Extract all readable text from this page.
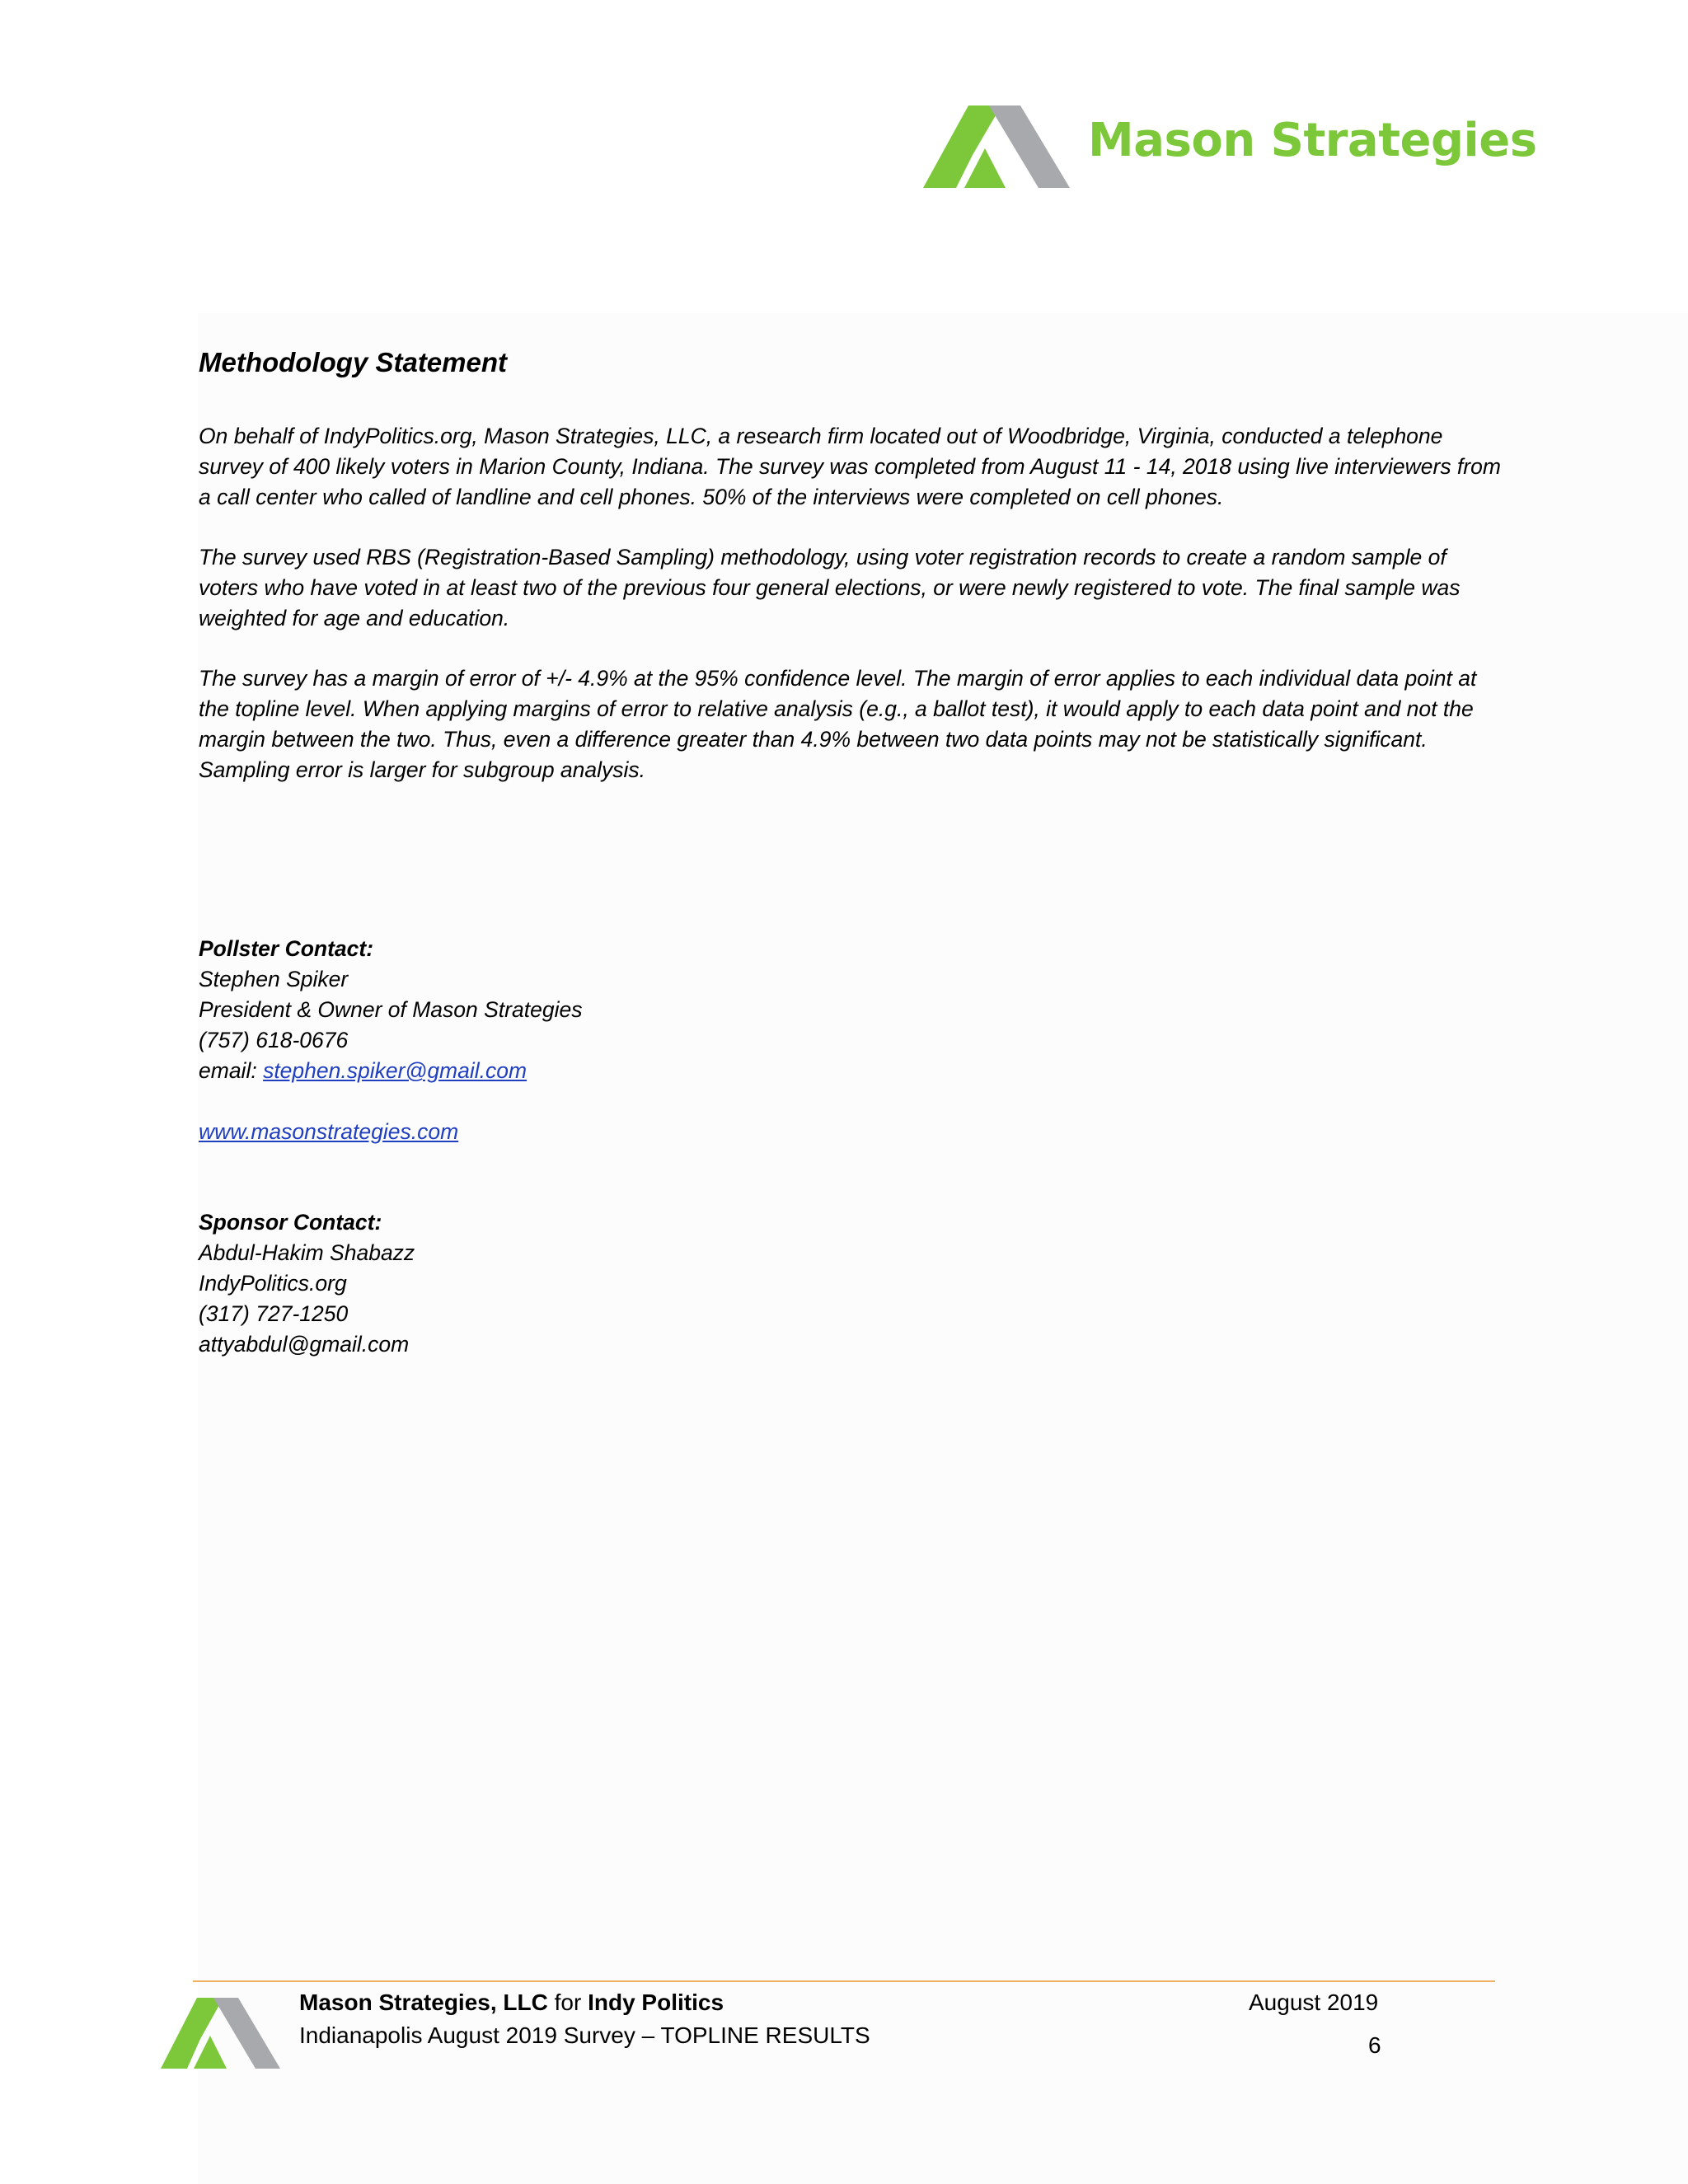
Mason Strategies
Methodology Statement

On behalf of IndyPolitics.org, Mason Strategies, LLC, a research firm located out of Woodbridge, Virginia, conducted a telephone survey of 400 likely voters in Marion County, Indiana. The survey was completed from August 11 - 14, 2018 using live interviewers from a call center who called of landline and cell phones. 50% of the interviews were completed on cell phones.

The survey used RBS (Registration-Based Sampling) methodology, using voter registration records to create a random sample of voters who have voted in at least two of the previous four general elections, or were newly registered to vote. The final sample was weighted for age and education.

The survey has a margin of error of +/- 4.9% at the 95% confidence level. The margin of error applies to each individual data point at the topline level. When applying margins of error to relative analysis (e.g., a ballot test), it would apply to each data point and not the margin between the two. Thus, even a difference greater than 4.9% between two data points may not be statistically significant. Sampling error is larger for subgroup analysis.

Pollster Contact:
Stephen Spiker
President & Owner of Mason Strategies
(757) 618-0676
email: stephen.spiker@gmail.com
www.masonstrategies.com
Sponsor Contact:
Abdul-Hakim Shabazz
IndyPolitics.org
(317) 727-1250
attyabdul@gmail.com
Mason Strategies, LLC for Indy Politics
Indianapolis August 2019 Survey – TOPLINE RESULTS
August 2019
6
